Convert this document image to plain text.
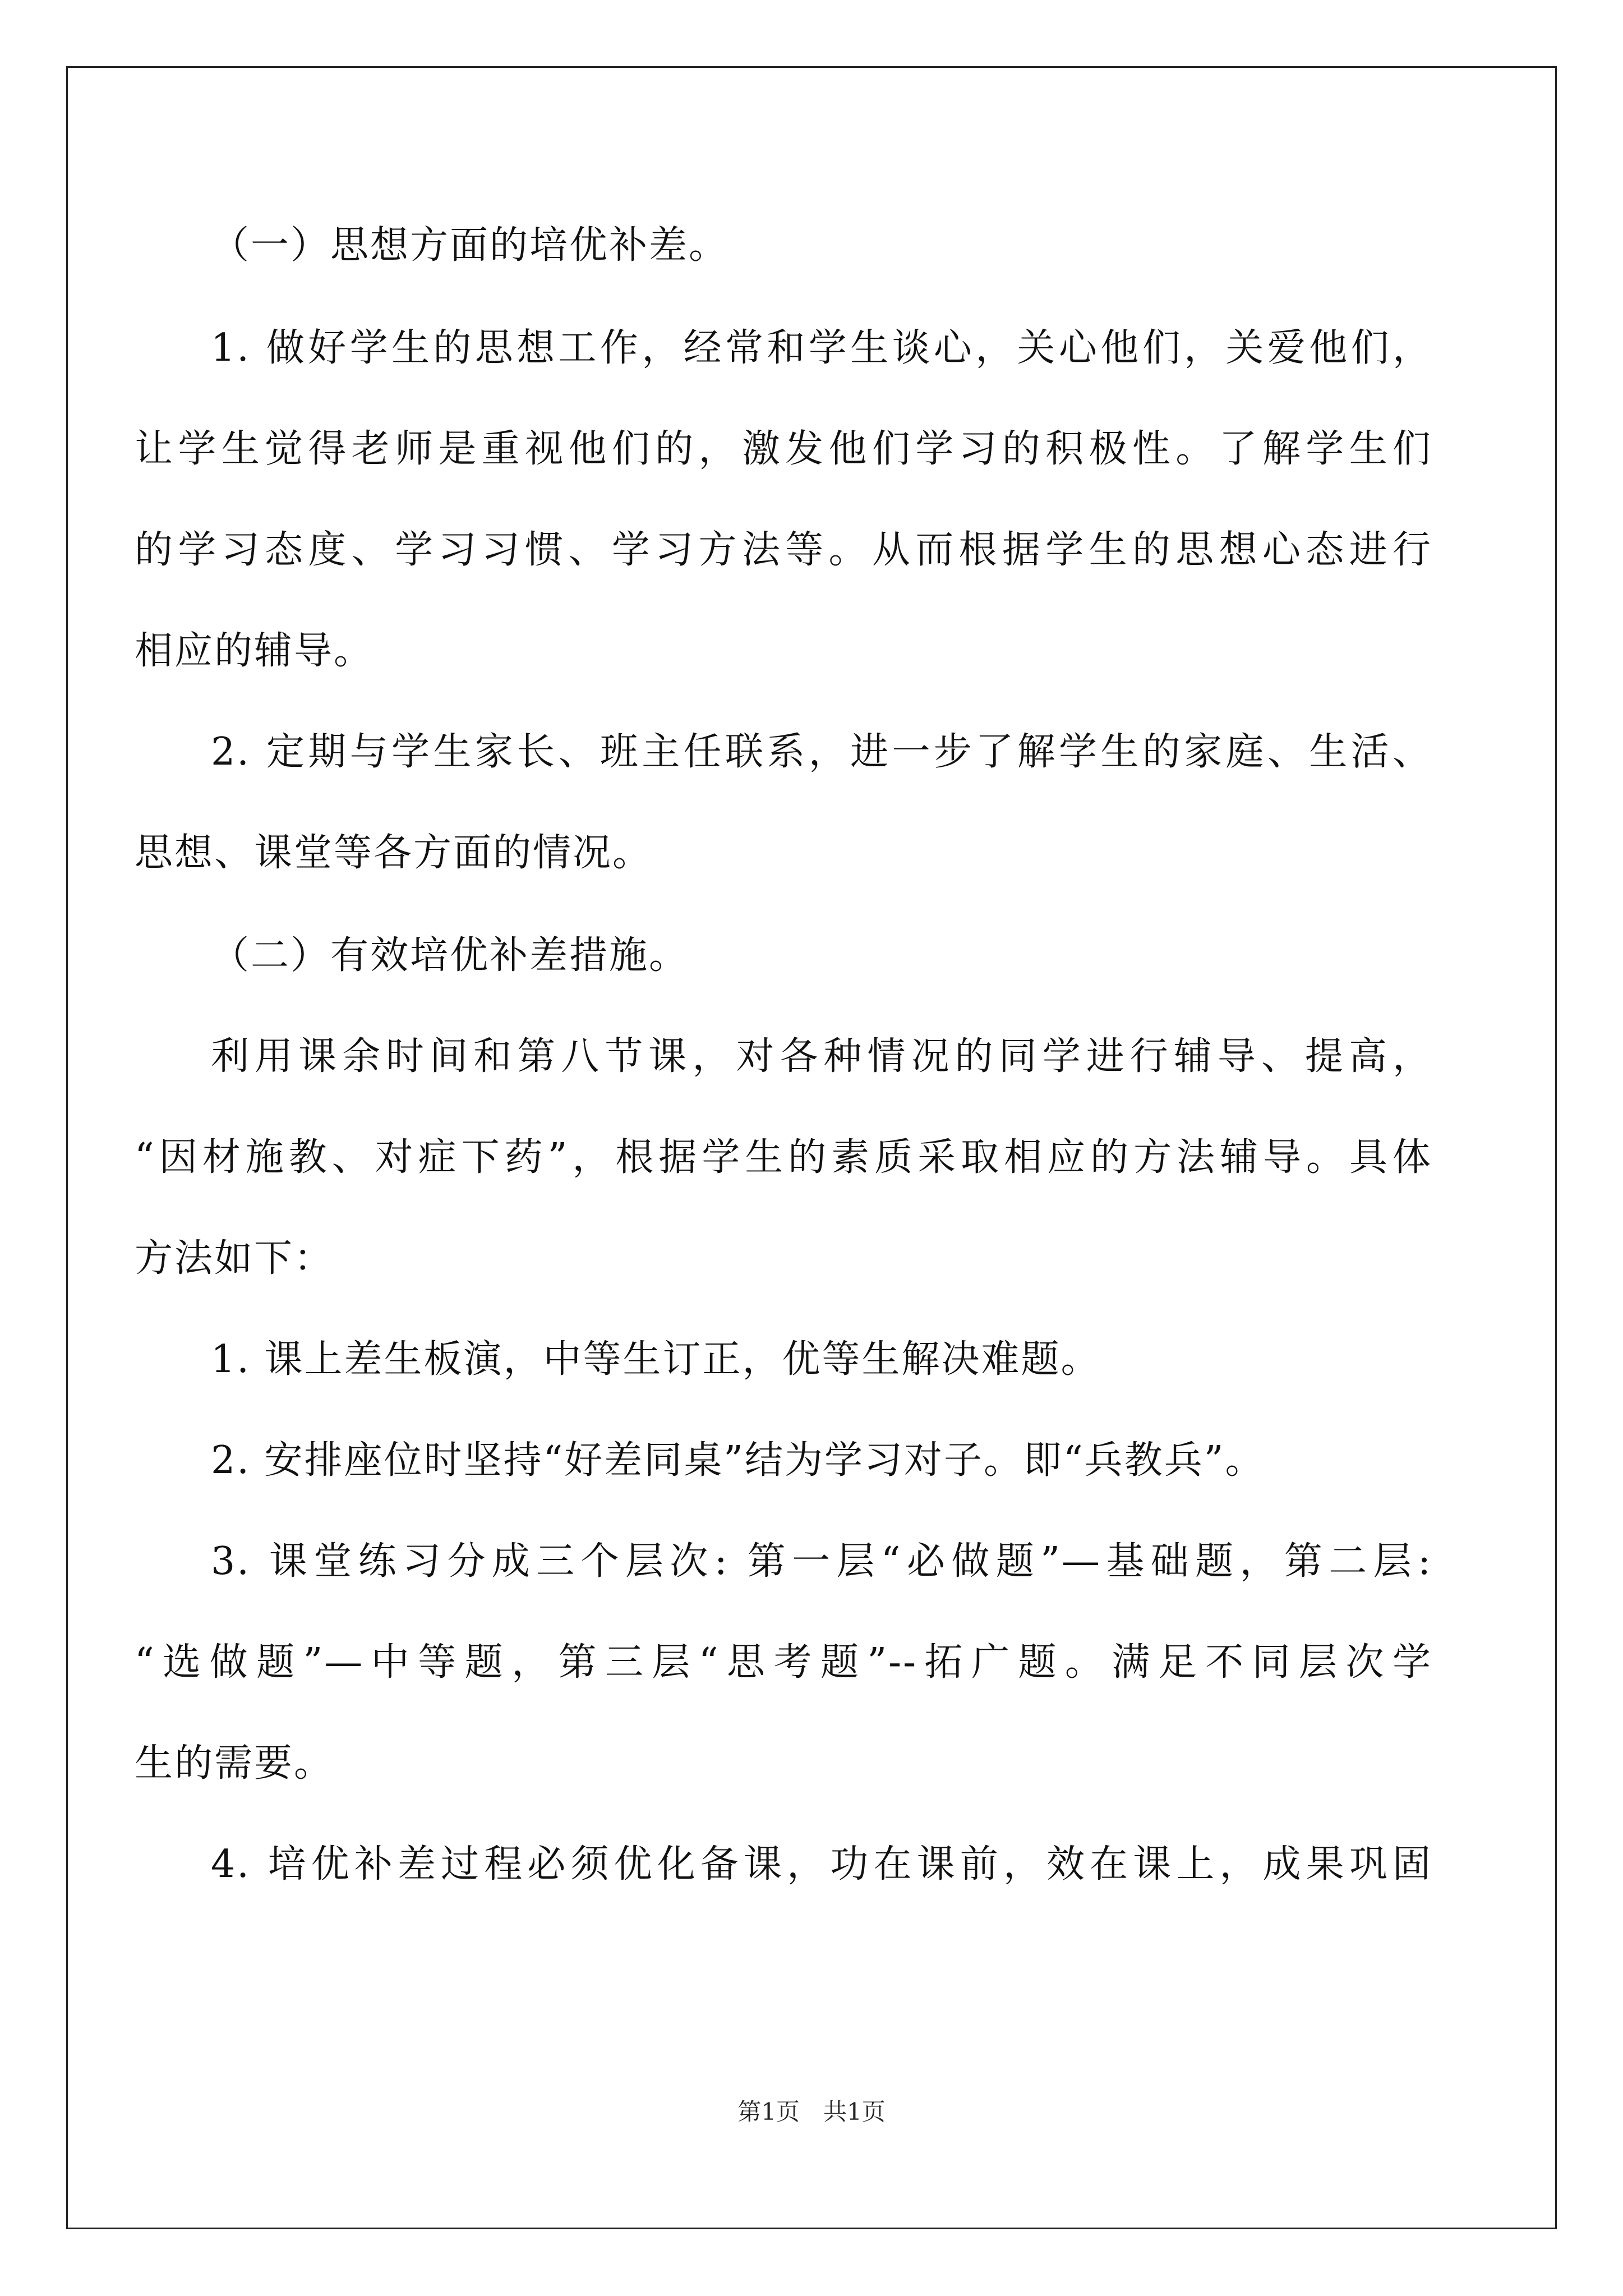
（一）思想方面的培优补差。
1. 做好学生的思想工作，经常和学生谈心，关心他们，关爱他们，
让学生觉得老师是重视他们的，激发他们学习的积极性。了解学生们
的学习态度、学习习惯、学习方法等。从而根据学生的思想心态进行
相应的辅导。
2. 定期与学生家长、班主任联系，进一步了解学生的家庭、生活、
思想、课堂等各方面的情况。
（二）有效培优补差措施。
利用课余时间和第八节课，对各种情况的同学进行辅导、提高，
“因材施教、对症下药”，根据学生的素质采取相应的方法辅导。具体
方法如下：
1. 课上差生板演，中等生订正，优等生解决难题。
2. 安排座位时坚持“好差同桌”结为学习对子。即“兵教兵”。
3. 课堂练习分成三个层次: 第一层“必做题”—基础题，第二层:
“选做题”—中等题，第三层“思考题”--拓广题。满足不同层次学
生的需要。
4. 培优补差过程必须优化备课，功在课前，效在课上，成果巩固
第1页　共1页
